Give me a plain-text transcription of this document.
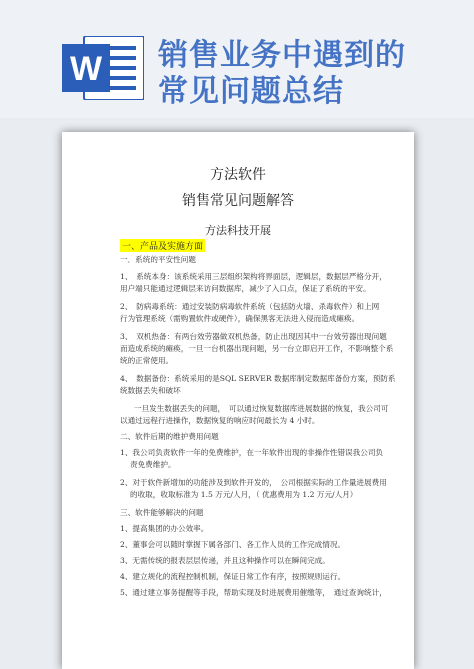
W 销售业务中遇到的
常见问题总结
方法软件
销售常见问题解答
方法科技开展
一、产品及实施方面
一．系统的平安性问题
1、　系统本身：该系统采用三层组织架构将界面层，逻辑层，数据层严格分开，
用户端只能通过逻辑层来访问数据库，减少了入口点，保证了系统的平安。
2、　防病毒系统：通过安装防病毒软件系统（包括防火墙、杀毒软件）和上网
行为管理系统（需购置软件或硬件），确保黑客无法进入侵而造成瘫痪。
3、　双机热备：有两台效劳器做双机热备，防止出现因其中一台效劳器出现问题
而造成系统的瘫痪，一旦一台机器出现问题，另一台立即启开工作，不影响整个系
统的正常使用。
4、　数据备份：系统采用的是SQL SERVER 数据库制定数据库备份方案，预防系
统数据丢失和破坏
一旦发生数据丢失的问题，　可以通过恢复数据库进展数据的恢复，我公司可
以通过远程行进操作，数据恢复的响应时间最长为 4 小时。
二、软件后期的维护费用问题
1、我公司负责软件一年的免费维护，在一年软件出现的非操作性错误我公司负
责免费维护。
2、对于软件新增加的功能涉及到软件开发的，　公司根据实际的工作量进展费用
的收取，收取标准为 1.5 万元/人月，（ 优惠费用为 1.2 万元/人月）
三、软件能够解决的问题
1、提高集团的办公效率。
2、董事会可以随时掌握下属各部门、各工作人员的工作完成情况。
3、无需传统的报表层层传递，并且这种操作可以在瞬间完成。
4、建立规化的流程控制机制，保证日常工作有序，按照规则运行。
5、通过建立事务提醒等手段，帮助实现及时进展费用催缴等，　通过查询统计，
